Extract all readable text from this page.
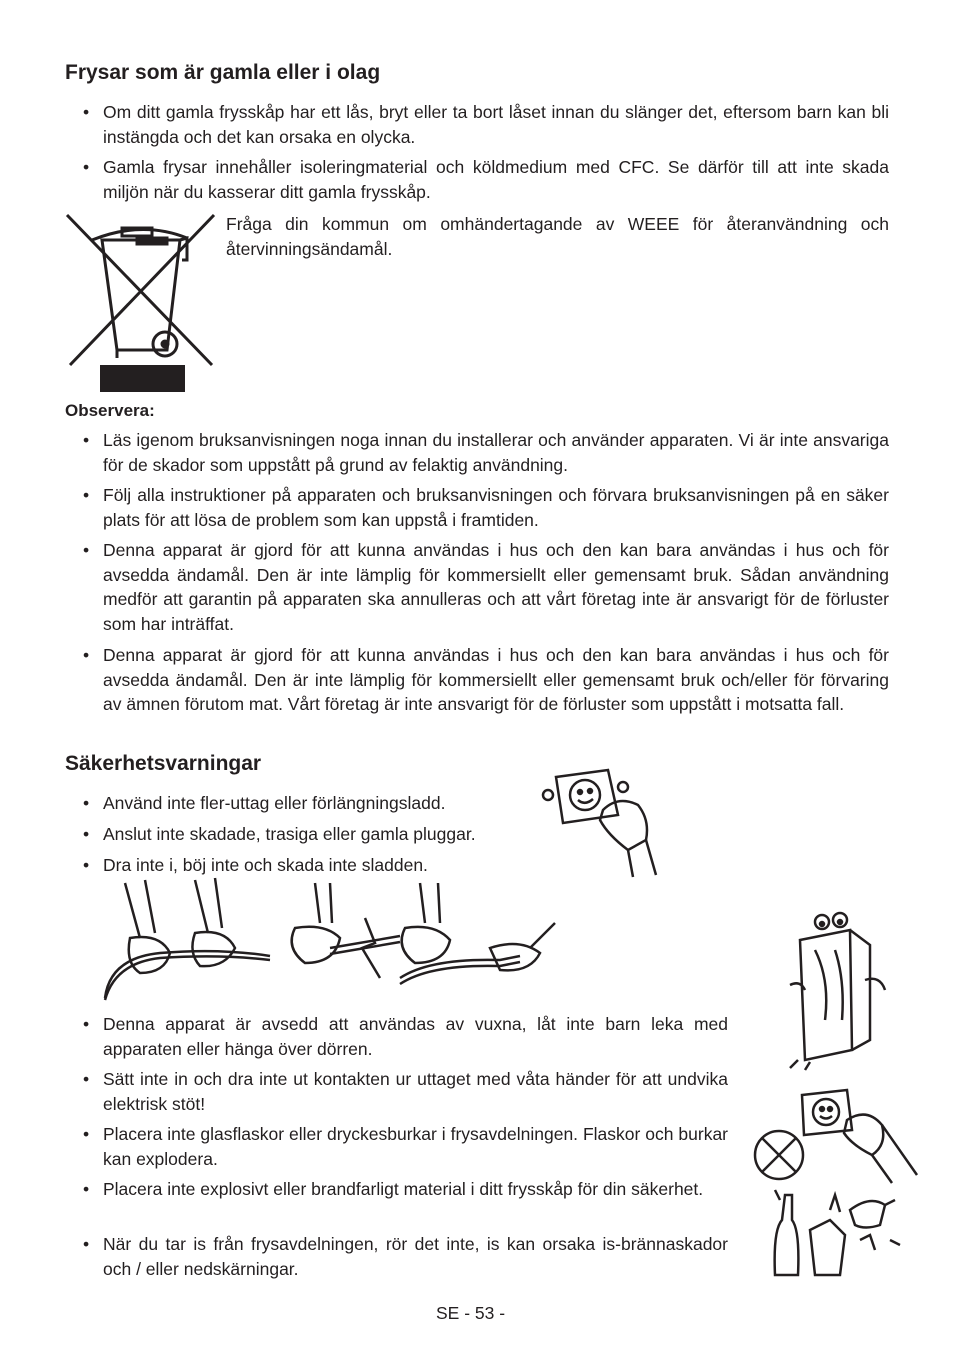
Frysar som är gamla eller i olag
• Om ditt gamla frysskåp har ett lås, bryt eller ta bort låset innan du slänger det, eftersom barn kan bli instängda och det kan orsaka en olycka.
• Gamla frysar innehåller isoleringmaterial och köldmedium med CFC. Se därför till att inte skada miljön när du kasserar ditt gamla frysskåp.
Fråga din kommun om omhändertagande av WEEE för återanvändning och återvinningsändamål.
Observera:
• Läs igenom bruksanvisningen noga innan du installerar och använder apparaten. Vi är inte ansvariga för de skador som uppstått på grund av felaktig användning.
• Följ alla instruktioner på apparaten och bruksanvisningen och förvara bruksanvisningen på en säker plats för att lösa de problem som kan uppstå i framtiden.
• Denna apparat är gjord för att kunna användas i hus och den kan bara användas i hus och för avsedda ändamål. Den är inte lämplig för kommersiellt eller gemensamt bruk. Sådan användning medför att garantin på apparaten ska annulleras och att vårt företag inte är ansvarigt för de förluster som har inträffat.
• Denna apparat är gjord för att kunna användas i hus och den kan bara användas i hus och för avsedda ändamål. Den är inte lämplig för kommersiellt eller gemensamt bruk och/eller för förvaring av ämnen förutom mat. Vårt företag är inte ansvarigt för de förluster som uppstått i motsatta fall.
Säkerhetsvarningar
• Använd inte fler-uttag eller förlängningsladd.
• Anslut inte skadade, trasiga eller gamla pluggar.
• Dra inte i, böj inte och skada inte sladden.
• Denna apparat är avsedd att användas av vuxna, låt inte barn leka med apparaten eller hänga över dörren.
• Sätt inte in och dra inte ut kontakten ur uttaget med våta händer för att undvika elektrisk stöt!
• Placera inte glasflaskor eller dryckesburkar i frysavdelningen. Flaskor och burkar kan explodera.
• Placera inte explosivt eller brandfarligt material i ditt frysskåp för din säkerhet.
• När du tar is från frysavdelningen, rör det inte, is kan orsaka is-brännaskador och / eller nedskärningar.
SE - 53 -
